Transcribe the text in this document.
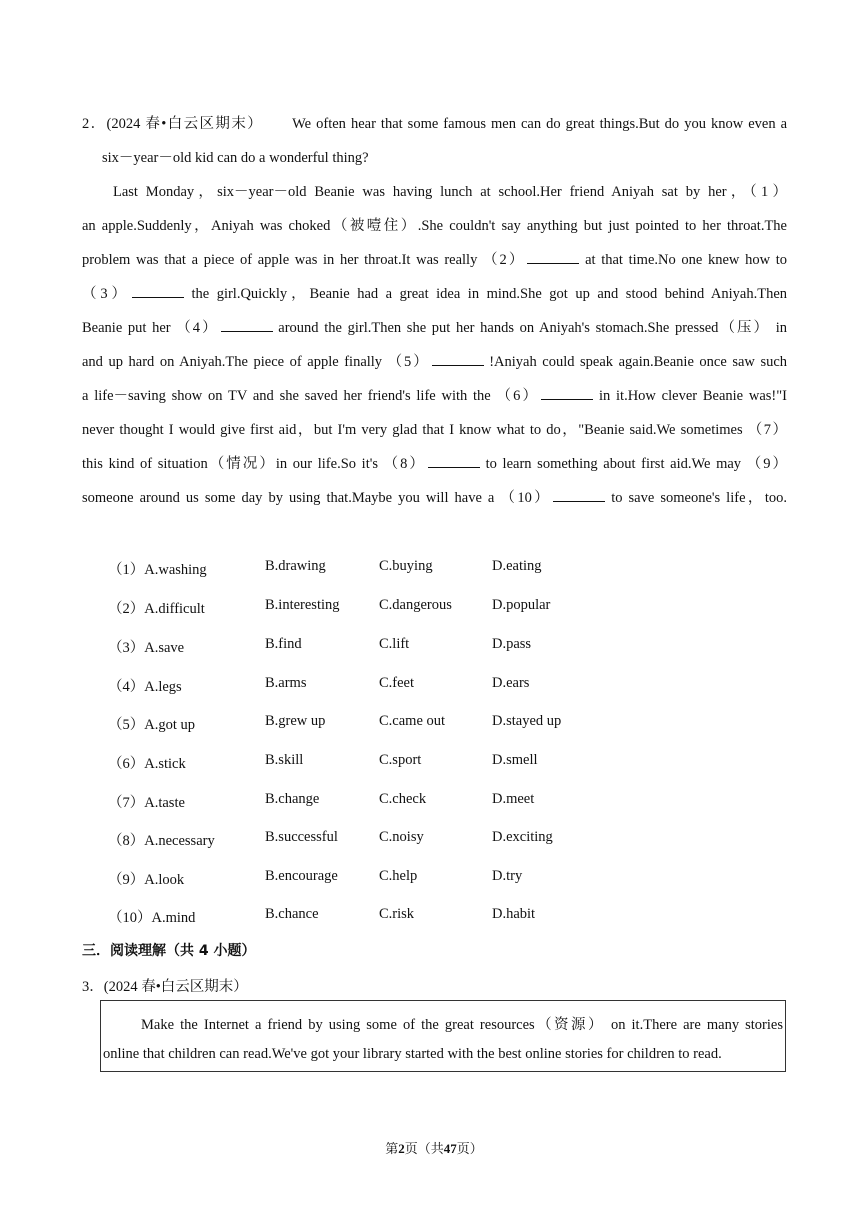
2．(2024 春•白云区期末） We often hear that some famous men can do great things.But do you know even a
six－year－old kid can do a wonderful thing?
Last Monday，six－year－old Beanie was having lunch at school.Her friend Aniyah sat by her，（1）
an apple.Suddenly，Aniyah was choked（被噎住）.She couldn't say anything but just pointed to her throat.The
problem was that a piece of apple was in her throat.It was really （2）	at that time.No one knew how to
（3）	the girl.Quickly，Beanie had a great idea in mind.She got up and stood behind Aniyah.Then
Beanie put her （4）	around the girl.Then she put her hands on Aniyah's stomach.She pressed（压） in
and up hard on Aniyah.The piece of apple finally （5）	!Aniyah could speak again.Beanie once saw such
a life－saving show on TV and she saved her friend's life with the （6）	in it.How clever Beanie was!"I
never thought I would give first aid，but I'm very glad that I know what to do，"Beanie said.We sometimes （7）
this kind of situation（情况）in our life.So it's （8）	to learn something about first aid.We may （9）
someone around us some day by using that.Maybe you will have a （10）	to save someone's life，too.
（1）A.washing	B.drawing	C.buying	D.eating
（2）A.difficult	B.interesting	C.dangerous	D.popular
（3）A.save	B.find	C.lift	D.pass
（4）A.legs	B.arms	C.feet	D.ears
（5）A.got up	B.grew up	C.came out	D.stayed up
（6）A.stick	B.skill	C.sport	D.smell
（7）A.taste	B.change	C.check	D.meet
（8）A.necessary	B.successful	C.noisy	D.exciting
（9）A.look	B.encourage	C.help	D.try
（10）A.mind	B.chance	C.risk	D.habit
三．阅读理解（共 4 小题）
3．(2024 春•白云区期末）
Make the Internet a friend by using some of the great resources（资源） on it.There are many stories
online that children can read.We've got your library started with the best online stories for children to read.
第2页（共47页）
